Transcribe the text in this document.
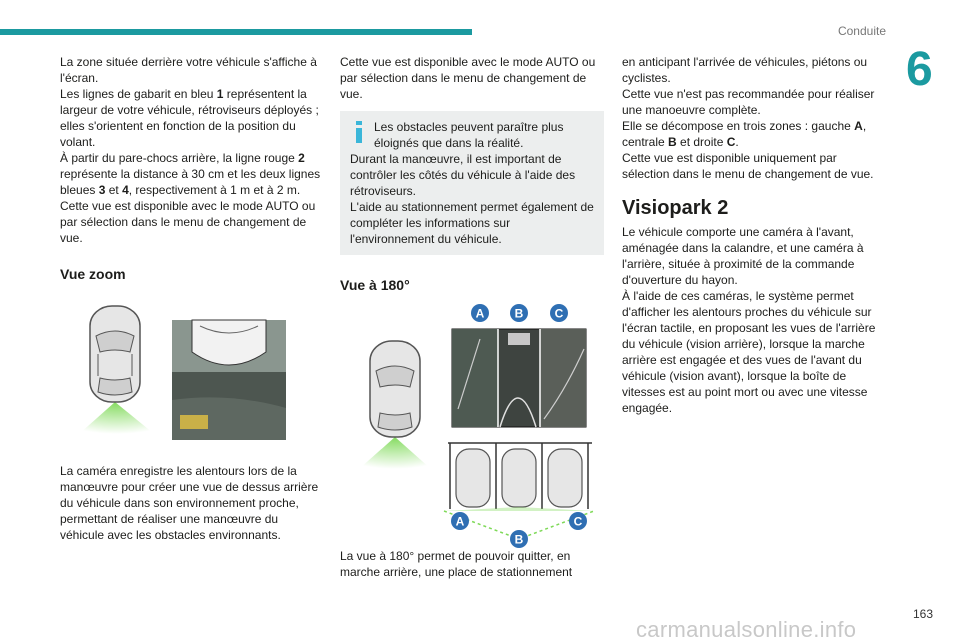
Conduite
6

La zone située derrière votre véhicule s'affiche à l'écran.

Les lignes de gabarit en bleu 1 représentent la largeur de votre véhicule, rétroviseurs déployés ; elles s'orientent en fonction de la position du volant.

À partir du pare-chocs arrière, la ligne rouge 2 représente la distance à 30 cm et les deux lignes bleues 3 et 4, respectivement à 1 m et à 2 m.

Cette vue est disponible avec le mode AUTO ou par sélection dans le menu de changement de vue.

Vue zoom

La caméra enregistre les alentours lors de la manœuvre pour créer une vue de dessus arrière du véhicule dans son environnement proche, permettant de réaliser une manœuvre du véhicule avec les obstacles environnants.

Cette vue est disponible avec le mode AUTO ou par sélection dans le menu de changement de vue.

Les obstacles peuvent paraître plus éloignés que dans la réalité.

Durant la manœuvre, il est important de contrôler les côtés du véhicule à l'aide des rétroviseurs.

L'aide au stationnement permet également de compléter les informations sur l'environnement du véhicule.

Vue à 180°
A	B	C
A
B
C

La vue à 180° permet de pouvoir quitter, en marche arrière, une place de stationnement

en anticipant l'arrivée de véhicules, piétons ou cyclistes.

Cette vue n'est pas recommandée pour réaliser une manoeuvre complète.

Elle se décompose en trois zones : gauche A, centrale B et droite C.

Cette vue est disponible uniquement par sélection dans le menu de changement de vue.

Visiopark 2

Le véhicule comporte une caméra à l'avant, aménagée dans la calandre, et une caméra à l'arrière, située à proximité de la commande d'ouverture du hayon.

À l'aide de ces caméras, le système permet d'afficher les alentours proches du véhicule sur l'écran tactile, en proposant les vues de l'arrière du véhicule (vision arrière), lorsque la marche arrière est engagée et des vues de l'avant du véhicule (vision avant), lorsque la boîte de vitesses est au point mort ou avec une vitesse engagée.

163
carmanualsonline.info
